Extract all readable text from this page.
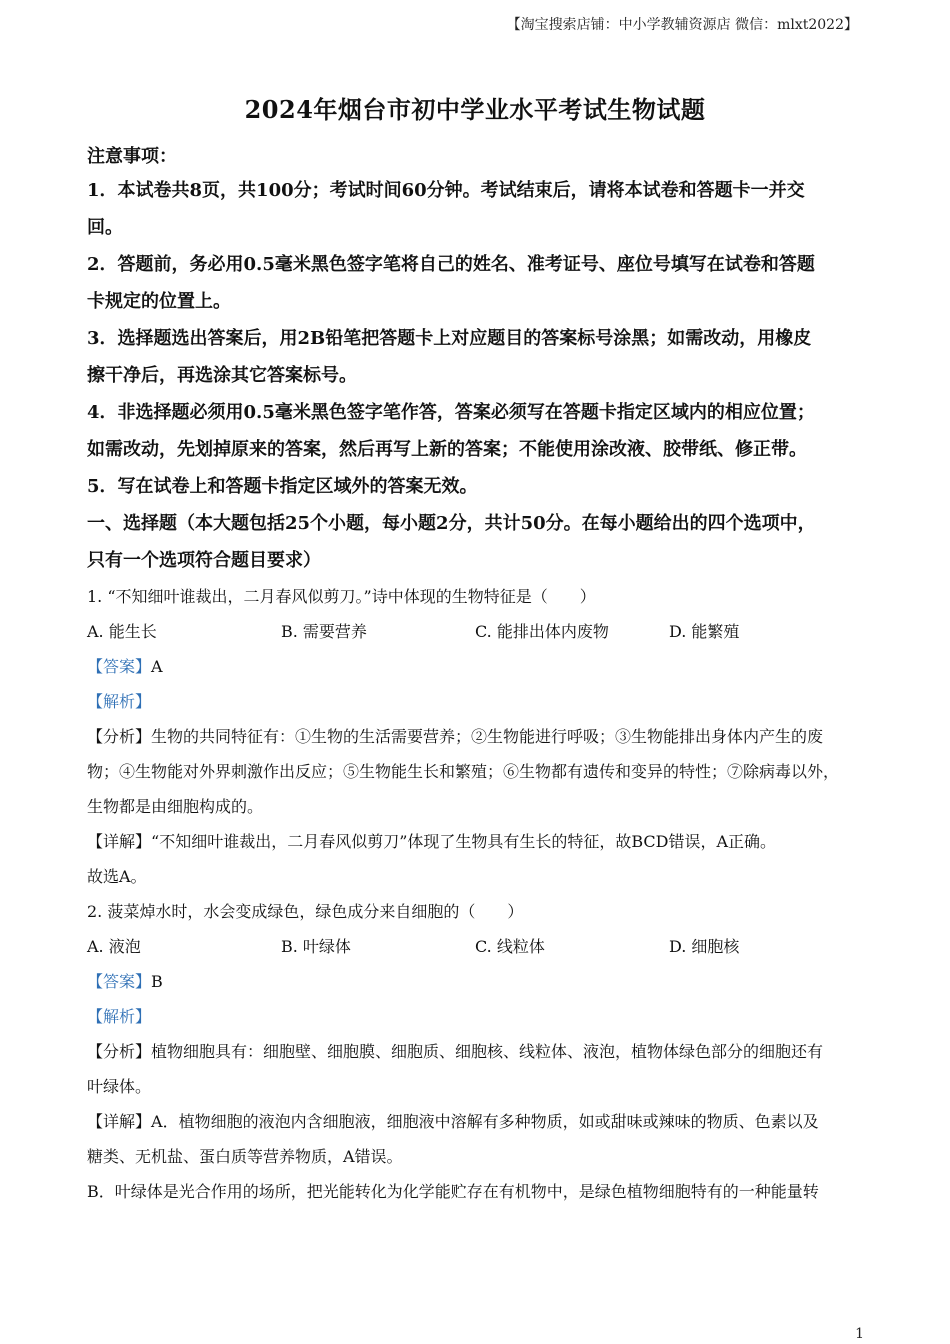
【淘宝搜索店铺：中小学教辅资源店 微信：mlxt2022】
2024年烟台市初中学业水平考试生物试题
注意事项：
1．本试卷共8页，共100分；考试时间60分钟。考试结束后，请将本试卷和答题卡一并交
回。
2．答题前，务必用0.5毫米黑色签字笔将自己的姓名、准考证号、座位号填写在试卷和答题
卡规定的位置上。
3．选择题选出答案后，用2B铅笔把答题卡上对应题目的答案标号涂黑；如需改动，用橡皮
擦干净后，再选涂其它答案标号。
4．非选择题必须用0.5毫米黑色签字笔作答，答案必须写在答题卡指定区域内的相应位置；
如需改动，先划掉原来的答案，然后再写上新的答案；不能使用涂改液、胶带纸、修正带。
5．写在试卷上和答题卡指定区域外的答案无效。
一、选择题（本大题包括25个小题，每小题2分，共计50分。在每小题给出的四个选项中，
只有一个选项符合题目要求）
1. “不知细叶谁裁出，二月春风似剪刀。”诗中体现的生物特征是（　　）
A. 能生长	B. 需要营养	C. 能排出体内废物	D. 能繁殖
【答案】A
【解析】
【分析】生物的共同特征有：①生物的生活需要营养；②生物能进行呼吸；③生物能排出身体内产生的废
物；④生物能对外界刺激作出反应；⑤生物能生长和繁殖；⑥生物都有遗传和变异的特性；⑦除病毒以外，
生物都是由细胞构成的。
【详解】“不知细叶谁裁出，二月春风似剪刀”体现了生物具有生长的特征，故BCD错误，A正确。
故选A。
2. 菠菜焯水时，水会变成绿色，绿色成分来自细胞的（　　）
A. 液泡	B. 叶绿体	C. 线粒体	D. 细胞核
【答案】B
【解析】
【分析】植物细胞具有：细胞壁、细胞膜、细胞质、细胞核、线粒体、液泡，植物体绿色部分的细胞还有
叶绿体。
【详解】A．植物细胞的液泡内含细胞液，细胞液中溶解有多种物质，如或甜味或辣味的物质、色素以及
糖类、无机盐、蛋白质等营养物质，A错误。
B．叶绿体是光合作用的场所，把光能转化为化学能贮存在有机物中，是绿色植物细胞特有的一种能量转
1
